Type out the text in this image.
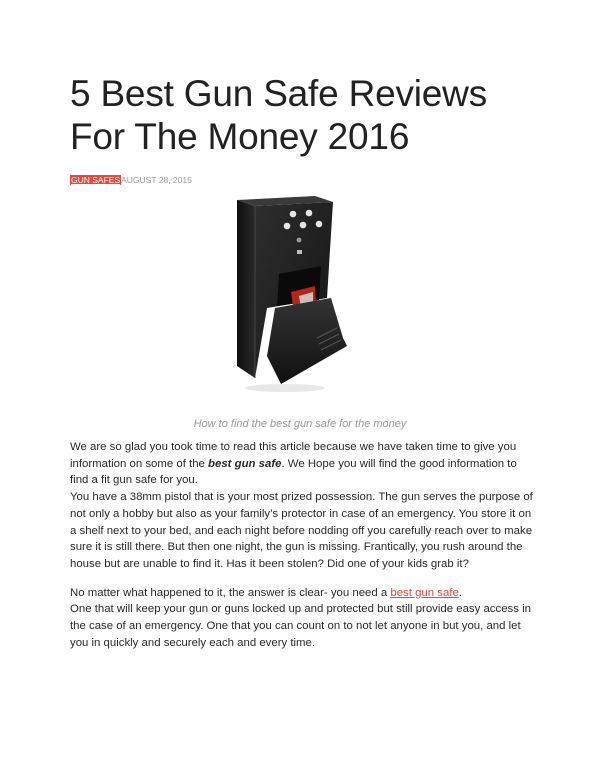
5 Best Gun Safe Reviews For The Money 2016
GUN SAFESAUGUST 28, 2015
How to find the best gun safe for the money

We are so glad you took time to read this article because we have taken time to give you information on some of the best gun safe. We Hope you will find the good information to find a fit gun safe for you.

You have a 38mm pistol that is your most prized possession. The gun serves the purpose of not only a hobby but also as your family’s protector in case of an emergency. You store it on a shelf next to your bed, and each night before nodding off you carefully reach over to make sure it is still there. But then one night, the gun is missing. Frantically, you rush around the house but are unable to find it. Has it been stolen? Did one of your kids grab it?

No matter what happened to it, the answer is clear- you need a best gun safe.

One that will keep your gun or guns locked up and protected but still provide easy access in the case of an emergency. One that you can count on to not let anyone in but you, and let you in quickly and securely each and every time.
